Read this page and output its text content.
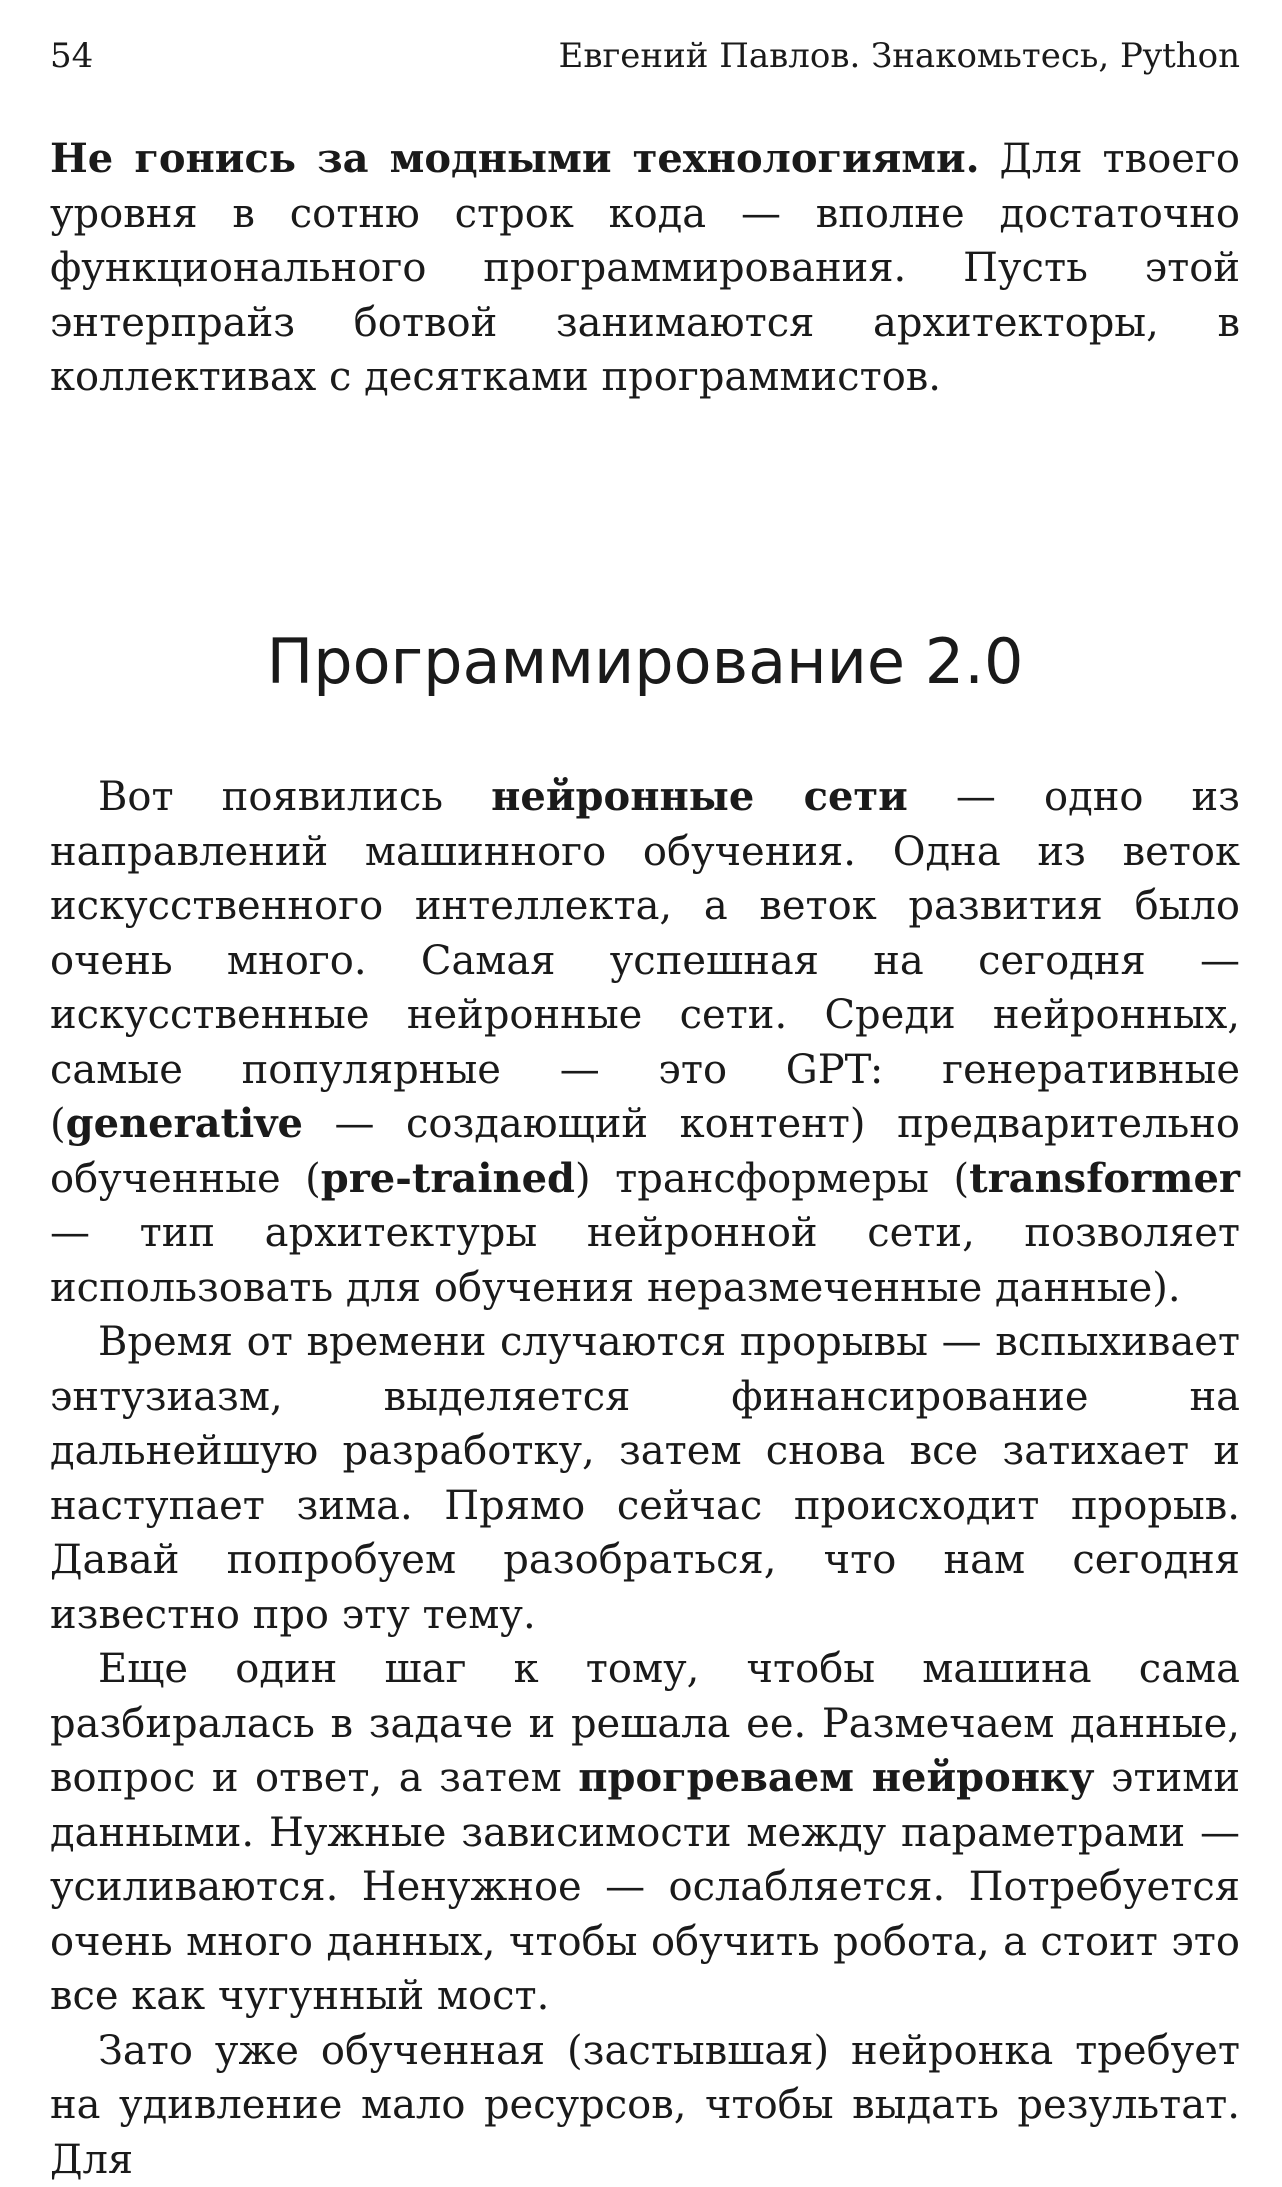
54	Евгений Павлов. Знакомьтесь, Python

Не гонись за модными технологиями. Для твоего уровня в сотню строк кода — вполне достаточно функционального программирования. Пусть этой энтерпрайз ботвой занимаются архитекторы, в коллективах с десятками программистов.

Программирование 2.0

Вот появились нейронные сети — одно из направлений машинного обучения. Одна из веток искусственного интеллекта, а веток развития было очень много. Самая успешная на сегодня — искусственные нейронные сети. Среди нейронных, самые популярные — это GPT: генеративные (generative — создающий контент) предварительно обученные (pre-trained) трансформеры (transformer — тип архитектуры нейронной сети, позволяет использовать для обучения неразмеченные данные).

Время от времени случаются прорывы — вспыхивает энтузиазм, выделяется финансирование на дальнейшую разработку, затем снова все затихает и наступает зима. Прямо сейчас происходит прорыв. Давай попробуем разобраться, что нам сегодня известно про эту тему.

Еще один шаг к тому, чтобы машина сама разбиралась в задаче и решала ее. Размечаем данные, вопрос и ответ, а затем прогреваем нейронку этими данными. Нужные зависимости между параметрами — усиливаются. Ненужное — ослабляется. Потребуется очень много данных, чтобы обучить робота, а стоит это все как чугунный мост.

Зато уже обученная (застывшая) нейронка требует на удивление мало ресурсов, чтобы выдать результат. Для
